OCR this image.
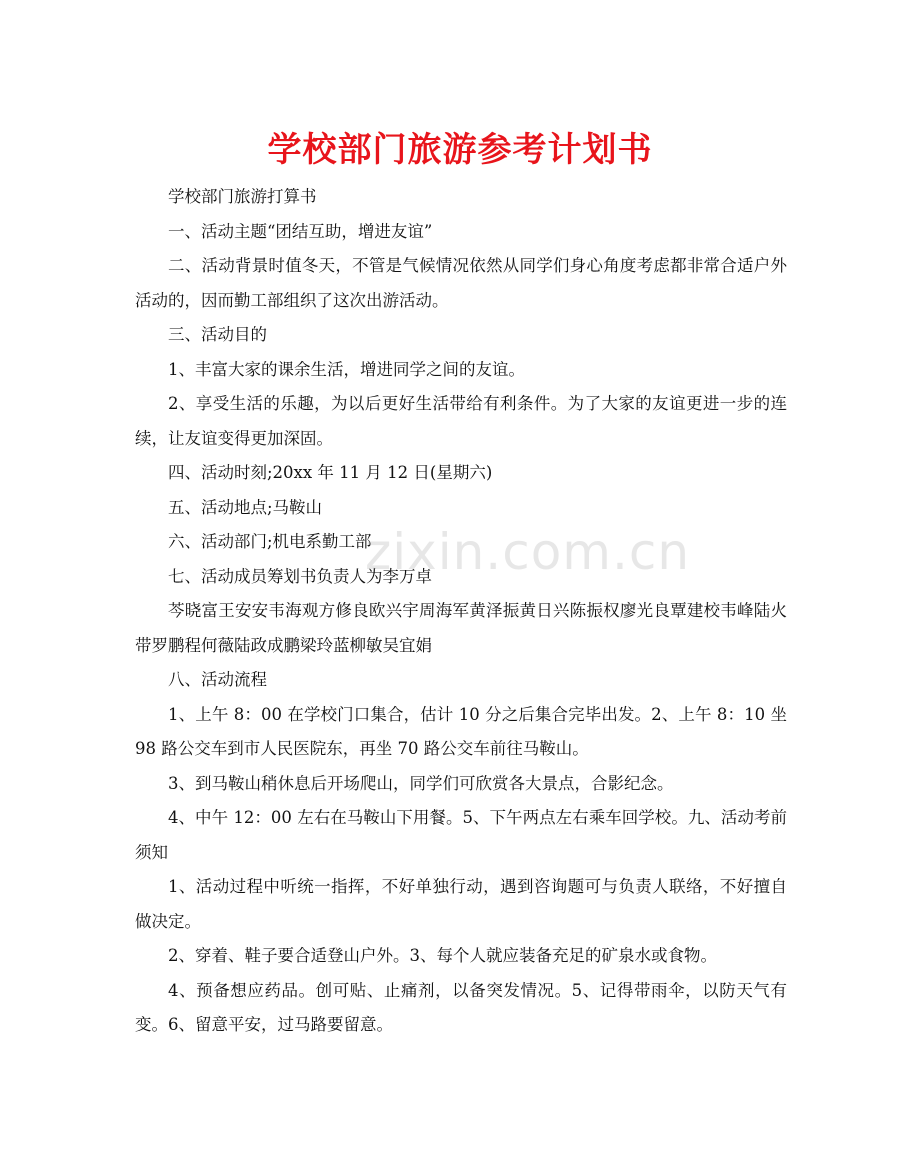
学校部门旅游参考计划书

学校部门旅游打算书

一、活动主题“团结互助，增进友谊”

二、活动背景时值冬天，不管是气候情况依然从同学们身心角度考虑都非常合适户外活动的，因而勤工部组织了这次出游活动。

三、活动目的

1、丰富大家的课余生活，增进同学之间的友谊。

2、享受生活的乐趣，为以后更好生活带给有利条件。为了大家的友谊更进一步的连续，让友谊变得更加深固。

四、活动时刻;20xx 年 11 月 12 日(星期六)

五、活动地点;马鞍山

六、活动部门;机电系勤工部

七、活动成员筹划书负责人为李万卓

芩晓富王安安韦海观方修良欧兴宇周海军黄泽振黄日兴陈振权廖光良覃建校韦峰陆火带罗鹏程何薇陆政成鹏梁玲蓝柳敏吴宜娟

八、活动流程

1、上午 8：00 在学校门口集合，估计 10 分之后集合完毕出发。2、上午 8：10 坐 98 路公交车到市人民医院东，再坐 70 路公交车前往马鞍山。

3、到马鞍山稍休息后开场爬山，同学们可欣赏各大景点，合影纪念。

4、中午 12：00 左右在马鞍山下用餐。5、下午两点左右乘车回学校。九、活动考前须知

1、活动过程中听统一指挥，不好单独行动，遇到咨询题可与负责人联络，不好擅自做决定。

2、穿着、鞋子要合适登山户外。3、每个人就应装备充足的矿泉水或食物。

4、预备想应药品。创可贴、止痛剂，以备突发情况。5、记得带雨伞，以防天气有变。6、留意平安，过马路要留意。

zixin.com.cn
